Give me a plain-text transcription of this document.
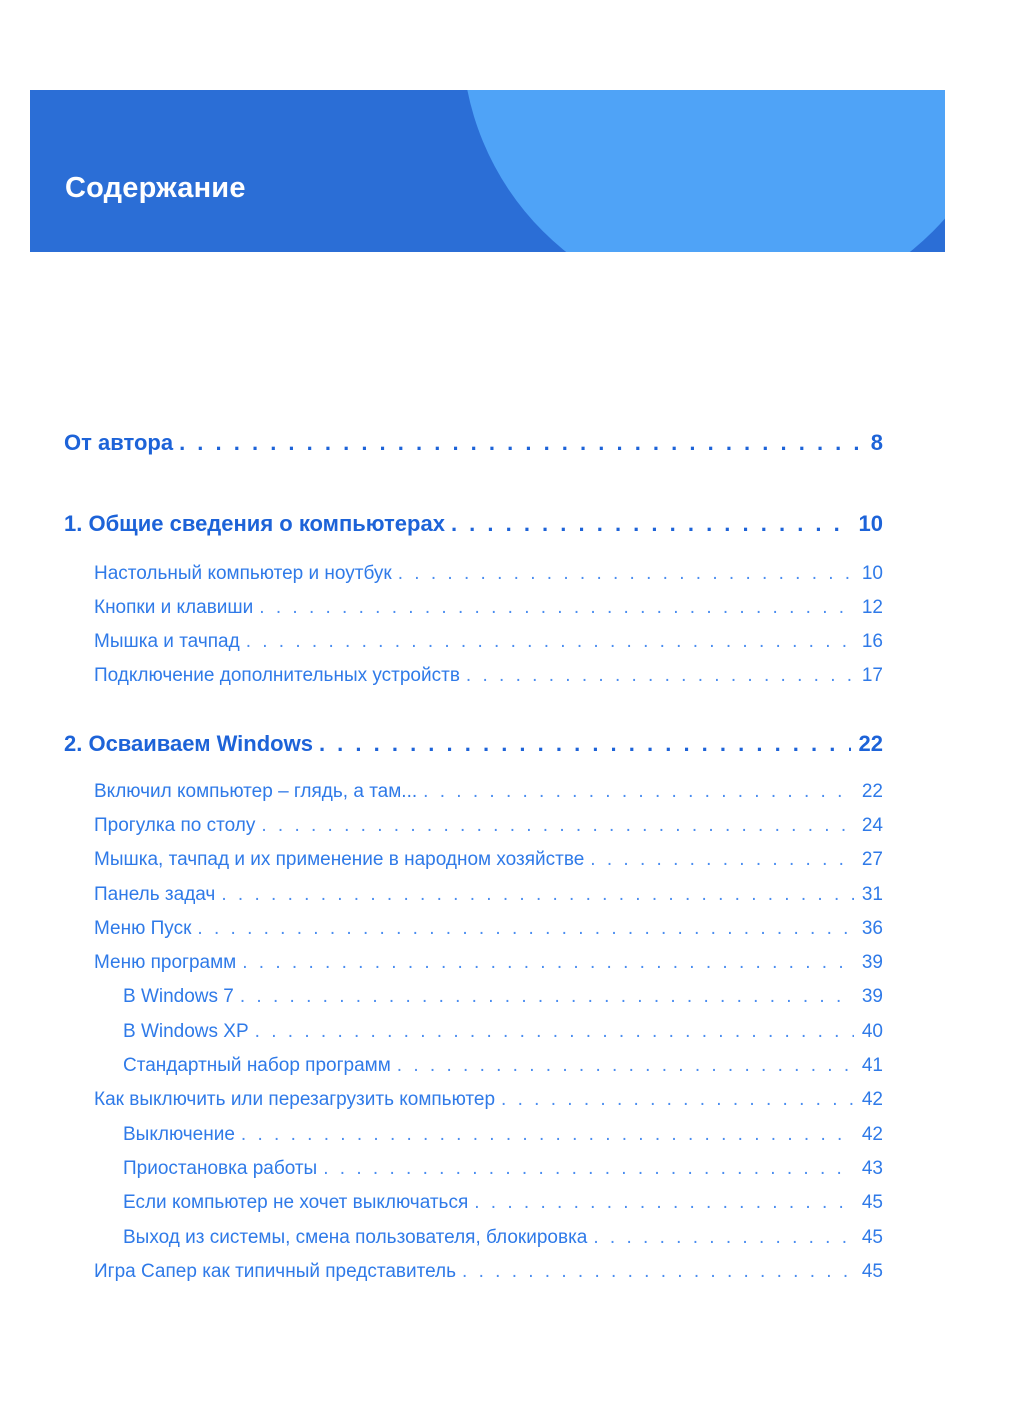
Содержание
От автора . . .	8
1. Общие сведения о компьютерах . . .	10
Настольный компьютер и ноутбук . . .	10
Кнопки и клавиши . . .	12
Мышка и тачпад . . .	16
Подключение дополнительных устройств . . .	17
2. Осваиваем Windows . . .	22
Включил компьютер – глядь, а там... . . .	22
Прогулка по столу . . .	24
Мышка, тачпад и их применение в народном хозяйстве . . .	27
Панель задач . . .	31
Меню Пуск . . .	36
Меню программ . . .	39
В Windows 7 . . .	39
В Windows XP . . .	40
Стандартный набор программ . . .	41
Как выключить или перезагрузить компьютер . . .	42
Выключение . . .	42
Приостановка работы . . .	43
Если компьютер не хочет выключаться . . .	45
Выход из системы, смена пользователя, блокировка . . .	45
Игра Сапер как типичный представитель . . .	45
